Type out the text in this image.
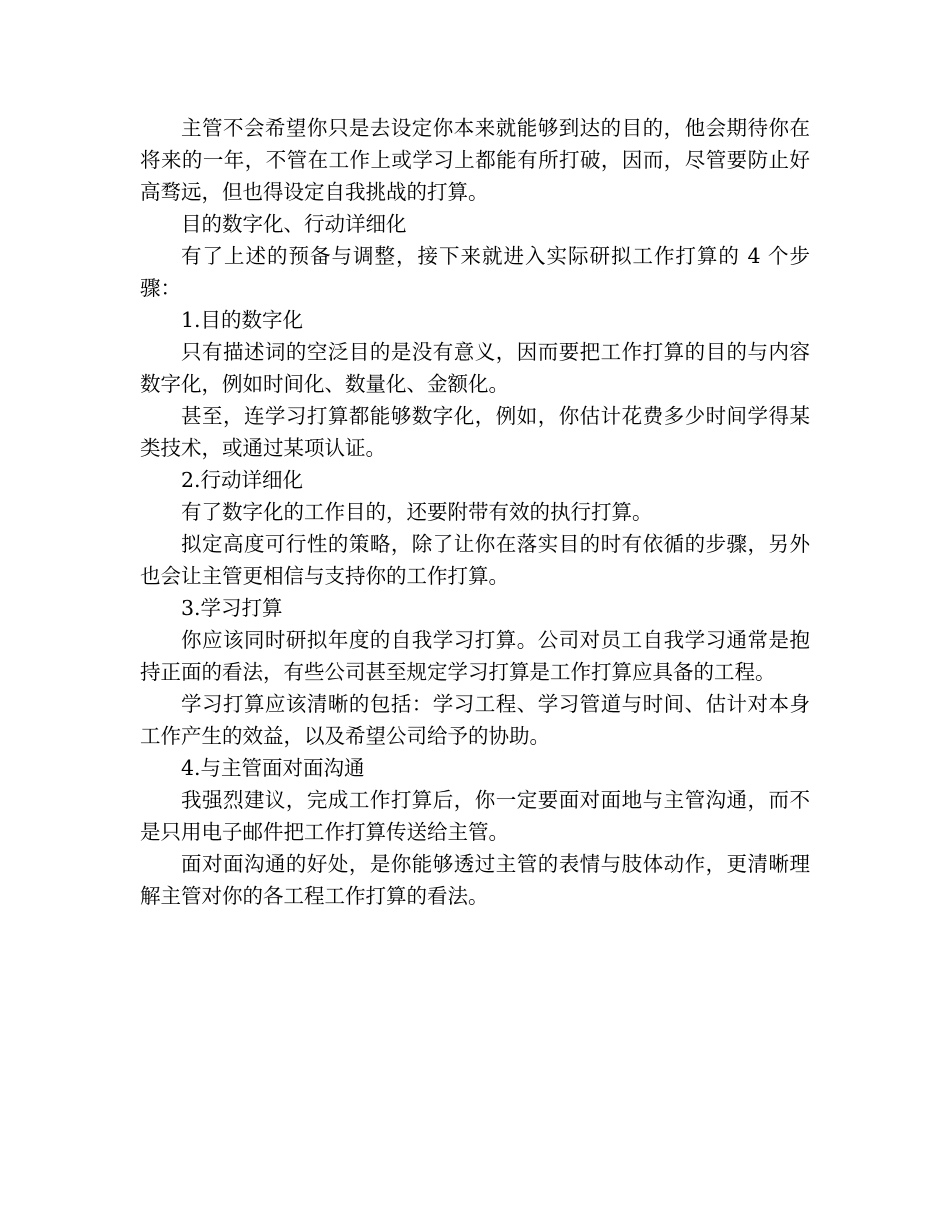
主管不会希望你只是去设定你本来就能够到达的目的，他会期待你在将来的一年，不管在工作上或学习上都能有所打破，因而，尽管要防止好高骛远，但也得设定自我挑战的打算。

目的数字化、行动详细化

有了上述的预备与调整，接下来就进入实际研拟工作打算的 4 个步骤：

1.目的数字化

只有描述词的空泛目的是没有意义，因而要把工作打算的目的与内容数字化，例如时间化、数量化、金额化。

甚至，连学习打算都能够数字化，例如，你估计花费多少时间学得某类技术，或通过某项认证。

2.行动详细化

有了数字化的工作目的，还要附带有效的执行打算。

拟定高度可行性的策略，除了让你在落实目的时有依循的步骤，另外也会让主管更相信与支持你的工作打算。

3.学习打算

你应该同时研拟年度的自我学习打算。公司对员工自我学习通常是抱持正面的看法，有些公司甚至规定学习打算是工作打算应具备的工程。

学习打算应该清晰的包括：学习工程、学习管道与时间、估计对本身工作产生的效益，以及希望公司给予的协助。

4.与主管面对面沟通

我强烈建议，完成工作打算后，你一定要面对面地与主管沟通，而不是只用电子邮件把工作打算传送给主管。

面对面沟通的好处，是你能够透过主管的表情与肢体动作，更清晰理解主管对你的各工程工作打算的看法。
